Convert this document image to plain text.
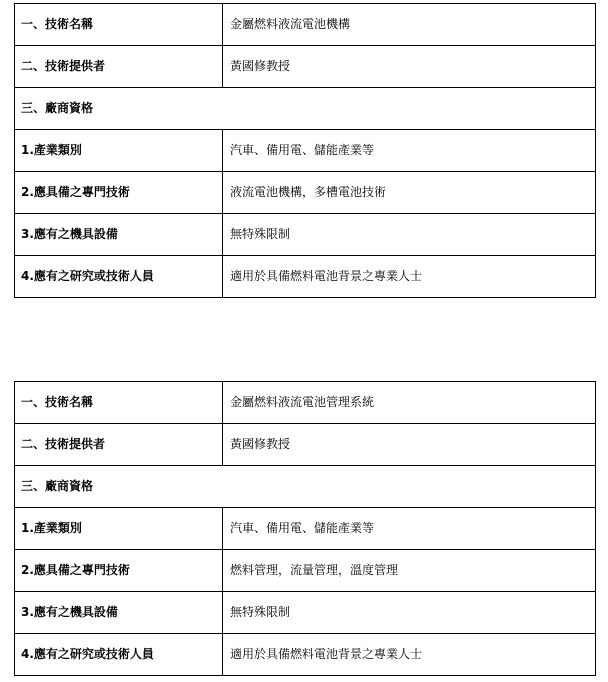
一、技術名稱	金屬燃料液流電池機構
二、技術提供者	黃國修教授
三、廠商資格	
1.產業類別	汽車、備用電、儲能產業等
2.應具備之專門技術	液流電池機構，多槽電池技術
3.應有之機具設備	無特殊限制
4.應有之研究或技術人員	適用於具備燃料電池背景之專業人士
一、技術名稱	金屬燃料液流電池管理系統
二、技術提供者	黃國修教授
三、廠商資格	
1.產業類別	汽車、備用電、儲能產業等
2.應具備之專門技術	燃料管理，流量管理，溫度管理
3.應有之機具設備	無特殊限制
4.應有之研究或技術人員	適用於具備燃料電池背景之專業人士
